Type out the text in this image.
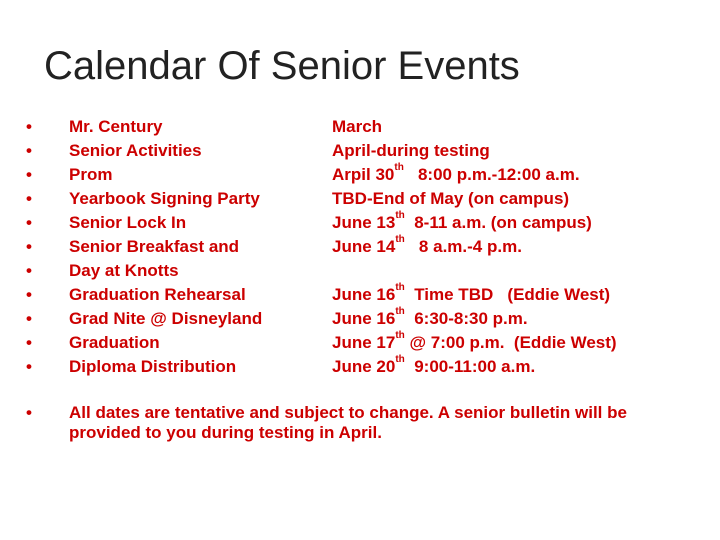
Calendar Of Senior Events
•	Mr. Century	March
•	Senior Activities	April-during testing
•	Prom	Arpil 30th   8:00 p.m.-12:00 a.m.
•	Yearbook Signing Party	TBD-End of May (on campus)
•	Senior Lock In	June 13th  8-11 a.m. (on campus)
•	Senior Breakfast and	June 14th   8 a.m.-4 p.m.
•	Day at Knotts
•	Graduation Rehearsal	June 16th  Time TBD   (Eddie West)
•	Grad Nite @ Disneyland	June 16th  6:30-8:30 p.m.
•	Graduation	June 17th @ 7:00 p.m.  (Eddie West)
•	Diploma Distribution	June 20th  9:00-11:00 a.m.
•	All dates are tentative and subject to change. A senior bulletin will be provided to you during testing in April.
